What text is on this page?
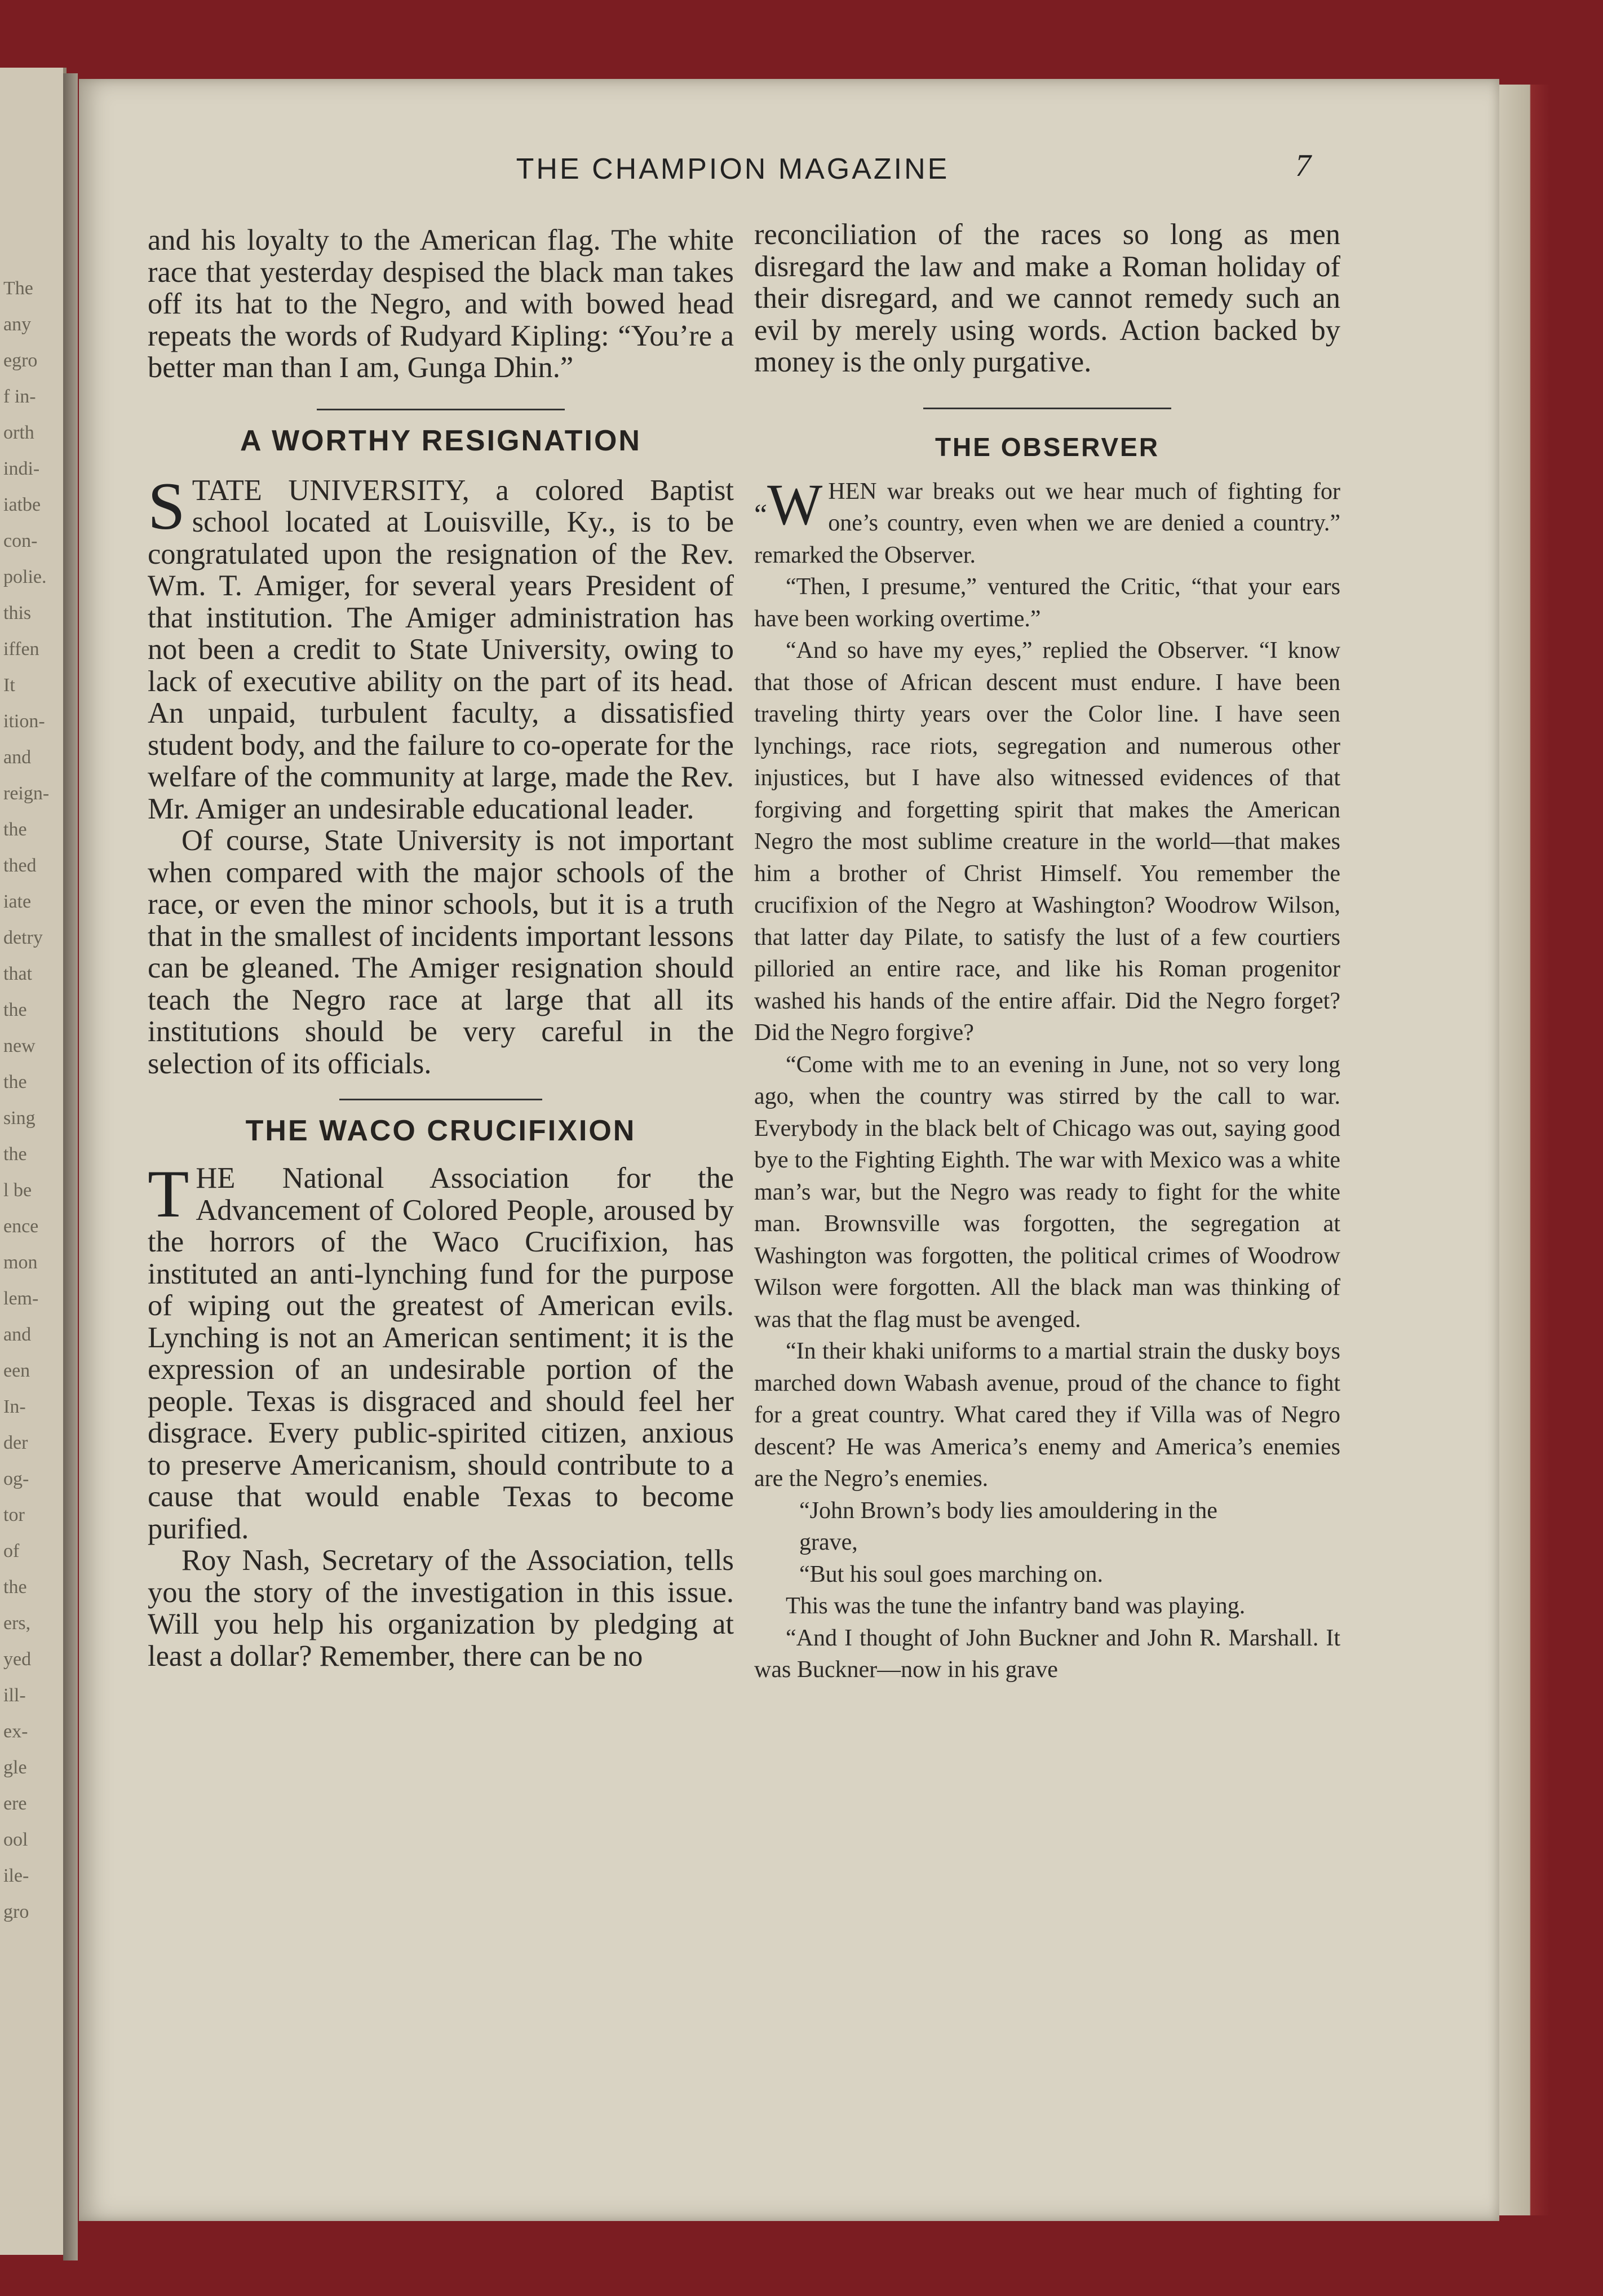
The
any
egro
f in-
orth
indi-
iatbe
con-
polie.
this
iffen
It
ition-
and
reign-
the
thed
iate
detry
that
the
new
the
sing
the
l be
ence
mon
lem-
and
een
In-
der
og-
tor
of
the
ers,
yed
ill-
ex-
gle
ere
ool
ile-
gro
THE CHAMPION MAGAZINE	7

and his loyalty to the American flag. The white race that yesterday despised the black man takes off its hat to the Negro, and with bowed head repeats the words of Rudyard Kipling: “You’re a better man than I am, Gunga Dhin.”

A WORTHY RESIGNATION

STATE UNIVERSITY, a colored Baptist school located at Louisville, Ky., is to be congratulated upon the resignation of the Rev. Wm. T. Amiger, for several years President of that institution. The Amiger administration has not been a credit to State University, owing to lack of executive ability on the part of its head. An unpaid, turbulent faculty, a dissatisfied student body, and the failure to co-operate for the welfare of the community at large, made the Rev. Mr. Amiger an undesirable educational leader.

Of course, State University is not important when compared with the major schools of the race, or even the minor schools, but it is a truth that in the smallest of incidents important lessons can be gleaned. The Amiger resignation should teach the Negro race at large that all its institutions should be very careful in the selection of its officials.

THE WACO CRUCIFIXION

THE National Association for the Advancement of Colored People, aroused by the horrors of the Waco Crucifixion, has instituted an anti-lynching fund for the purpose of wiping out the greatest of American evils. Lynching is not an American sentiment; it is the expression of an undesirable portion of the people. Texas is disgraced and should feel her disgrace. Every public-spirited citizen, anxious to preserve Americanism, should contribute to a cause that would enable Texas to become purified.

Roy Nash, Secretary of the Association, tells you the story of the investigation in this issue. Will you help his organization by pledging at least a dollar? Remember, there can be no

reconciliation of the races so long as men disregard the law and make a Roman holiday of their disregard, and we cannot remedy such an evil by merely using words. Action backed by money is the only purgative.

THE OBSERVER

“W HEN war breaks out we hear much of fighting for one’s country, even when we are denied a country.” remarked the Observer.

“Then, I presume,” ventured the Critic, “that your ears have been working overtime.”

“And so have my eyes,” replied the Observer. “I know that those of African descent must endure. I have been traveling thirty years over the Color line. I have seen lynchings, race riots, segregation and numerous other injustices, but I have also witnessed evidences of that forgiving and forgetting spirit that makes the American Negro the most sublime creature in the world—that makes him a brother of Christ Himself. You remember the crucifixion of the Negro at Washington? Woodrow Wilson, that latter day Pilate, to satisfy the lust of a few courtiers pilloried an entire race, and like his Roman progenitor washed his hands of the entire affair. Did the Negro forget? Did the Negro forgive?

“Come with me to an evening in June, not so very long ago, when the country was stirred by the call to war. Everybody in the black belt of Chicago was out, saying good bye to the Fighting Eighth. The war with Mexico was a white man’s war, but the Negro was ready to fight for the white man. Brownsville was forgotten, the segregation at Washington was forgotten, the political crimes of Woodrow Wilson were forgotten. All the black man was thinking of was that the flag must be avenged.

“In their khaki uniforms to a martial strain the dusky boys marched down Wabash avenue, proud of the chance to fight for a great country. What cared they if Villa was of Negro descent? He was America’s enemy and America’s enemies are the Negro’s enemies.

“John Brown’s body lies amouldering in the
grave,
“But his soul goes marching on.

This was the tune the infantry band was playing.

“And I thought of John Buckner and John R. Marshall. It was Buckner—now in his grave
